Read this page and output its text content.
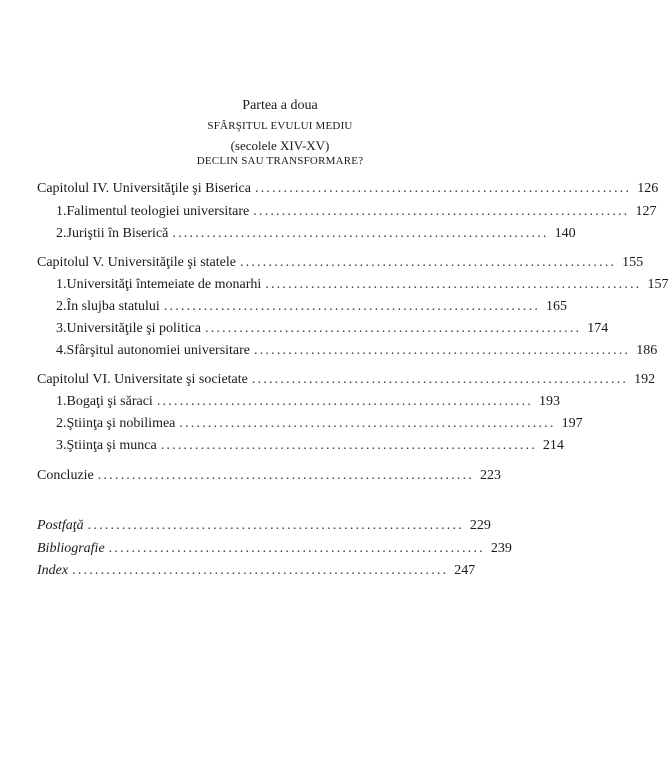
Partea a doua
SFÂRŞITUL EVULUI MEDIU
(secolele XIV-XV)
DECLIN SAU TRANSFORMARE?
Capitolul IV. Universităţile şi Biserica .................................................................. 126
1. Falimentul teologiei universitare .................................................................. 127
2. Juriştii în Biserică .................................................................. 140
Capitolul V. Universităţile şi statele .................................................................. 155
1. Universităţi întemeiate de monarhi .................................................................. 157
2. În slujba statului .................................................................. 165
3. Universităţile şi politica .................................................................. 174
4. Sfârşitul autonomiei universitare .................................................................. 186
Capitolul VI. Universitate şi societate .................................................................. 192
1. Bogaţi şi săraci .................................................................. 193
2. Ştiinţa şi nobilimea .................................................................. 197
3. Ştiinţa şi munca .................................................................. 214
Concluzie .................................................................. 223
Postfaţă .................................................................. 229
Bibliografie .................................................................. 239
Index .................................................................. 247
